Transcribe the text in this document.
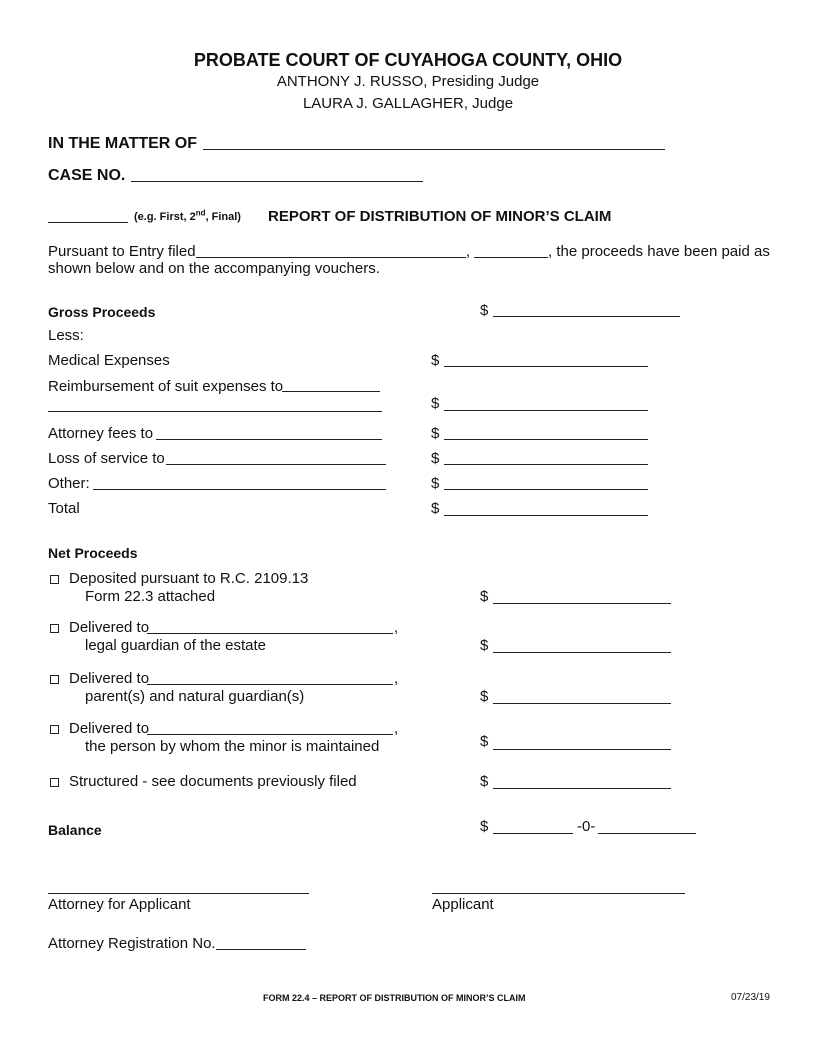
PROBATE COURT OF CUYAHOGA COUNTY, OHIO
ANTHONY J. RUSSO, Presiding Judge
LAURA J. GALLAGHER, Judge
IN THE MATTER OF
CASE NO.
(e.g. First, 2nd, Final) REPORT OF DISTRIBUTION OF MINOR’S CLAIM
Pursuant to Entry filed	,	, the proceeds have been paid as
shown below and on the accompanying vouchers.
Gross Proceeds	$
Less:
Medical Expenses	$
Reimbursement of suit expenses to
$
Attorney fees to	$
Loss of service to	$
Other:	$
Total	$
Net Proceeds
Deposited pursuant to R.C. 2109.13
Form 22.3 attached	$
Delivered to	,
legal guardian of the estate	$
Delivered to	,
parent(s) and natural guardian(s)	$
Delivered to	,
the person by whom the minor is maintained	$
Structured - see documents previously filed	$
Balance	$	-0-
Attorney for Applicant	Applicant
Attorney Registration No.
FORM 22.4 – REPORT OF DISTRIBUTION OF MINOR’S CLAIM	07/23/19
